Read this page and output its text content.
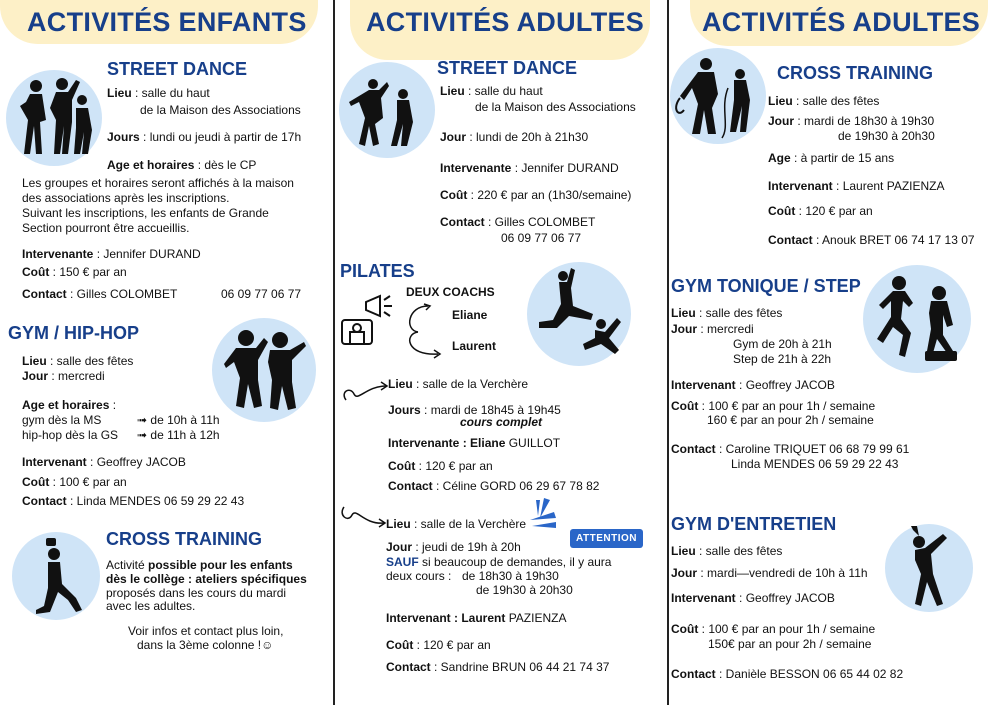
ACTIVITÉS ENFANTS
STREET DANCE
Lieu : salle du haut
de la Maison des Associations
Jours : lundi ou jeudi à partir de 17h
Age et horaires : dès le CP
Les groupes et horaires seront affichés à la maison
des associations après les inscriptions.
Suivant les inscriptions, les enfants de Grande
Section pourront être accueillis.
Intervenante : Jennifer DURAND
Coût : 150 € par an
Contact : Gilles COLOMBET	06 09 77 06 77
GYM / HIP-HOP
Lieu : salle des fêtes
Jour : mercredi
Age et horaires :
gym dès la MS	➟ de 10h à 11h
hip-hop dès la GS ➟ de 11h à 12h
Intervenant : Geoffrey JACOB
Coût : 100 € par an
Contact : Linda MENDES 06 59 29 22 43
CROSS TRAINING
Activité possible pour les enfants
dès le collège : ateliers spécifiques
proposés dans les cours du mardi
avec les adultes.
Voir infos et contact plus loin,
dans la 3ème colonne !☺
ACTIVITÉS ADULTES
STREET DANCE
Lieu : salle du haut
de la Maison des Associations
Jour : lundi de 20h à 21h30
Intervenante : Jennifer DURAND
Coût : 220 € par an (1h30/semaine)
Contact : Gilles COLOMBET
06 09 77 06 77
PILATES
DEUX COACHS
Eliane
Laurent
Lieu : salle de la Verchère
Jours : mardi de 18h45 à 19h45
cours complet
Intervenante : Eliane GUILLOT
Coût : 120 € par an
Contact : Céline GORD 06 29 67 78 82
Lieu : salle de la Verchère
ATTENTION
Jour : jeudi de 19h à 20h
SAUF si beaucoup de demandes, il y aura
deux cours : de 18h30 à 19h30
de 19h30 à 20h30
Intervenant : Laurent PAZIENZA
Coût : 120 € par an
Contact : Sandrine BRUN 06 44 21 74 37
ACTIVITÉS ADULTES
CROSS TRAINING
Lieu : salle des fêtes
Jour : mardi de 18h30 à 19h30
de 19h30 à 20h30
Age : à partir de 15 ans
Intervenant : Laurent PAZIENZA
Coût : 120 € par an
Contact : Anouk BRET 06 74 17 13 07
GYM TONIQUE / STEP
Lieu : salle des fêtes
Jour : mercredi
Gym de 20h à 21h
Step de 21h à 22h
Intervenant : Geoffrey JACOB
Coût : 100 € par an pour 1h / semaine
160 € par an pour 2h / semaine
Contact : Caroline TRIQUET 06 68 79 99 61
Linda MENDES 06 59 29 22 43
GYM D'ENTRETIEN
Lieu : salle des fêtes
Jour : mardi—vendredi de 10h à 11h
Intervenant : Geoffrey JACOB
Coût : 100 € par an pour 1h / semaine
150€ par an pour 2h / semaine
Contact : Danièle BESSON 06 65 44 02 82
